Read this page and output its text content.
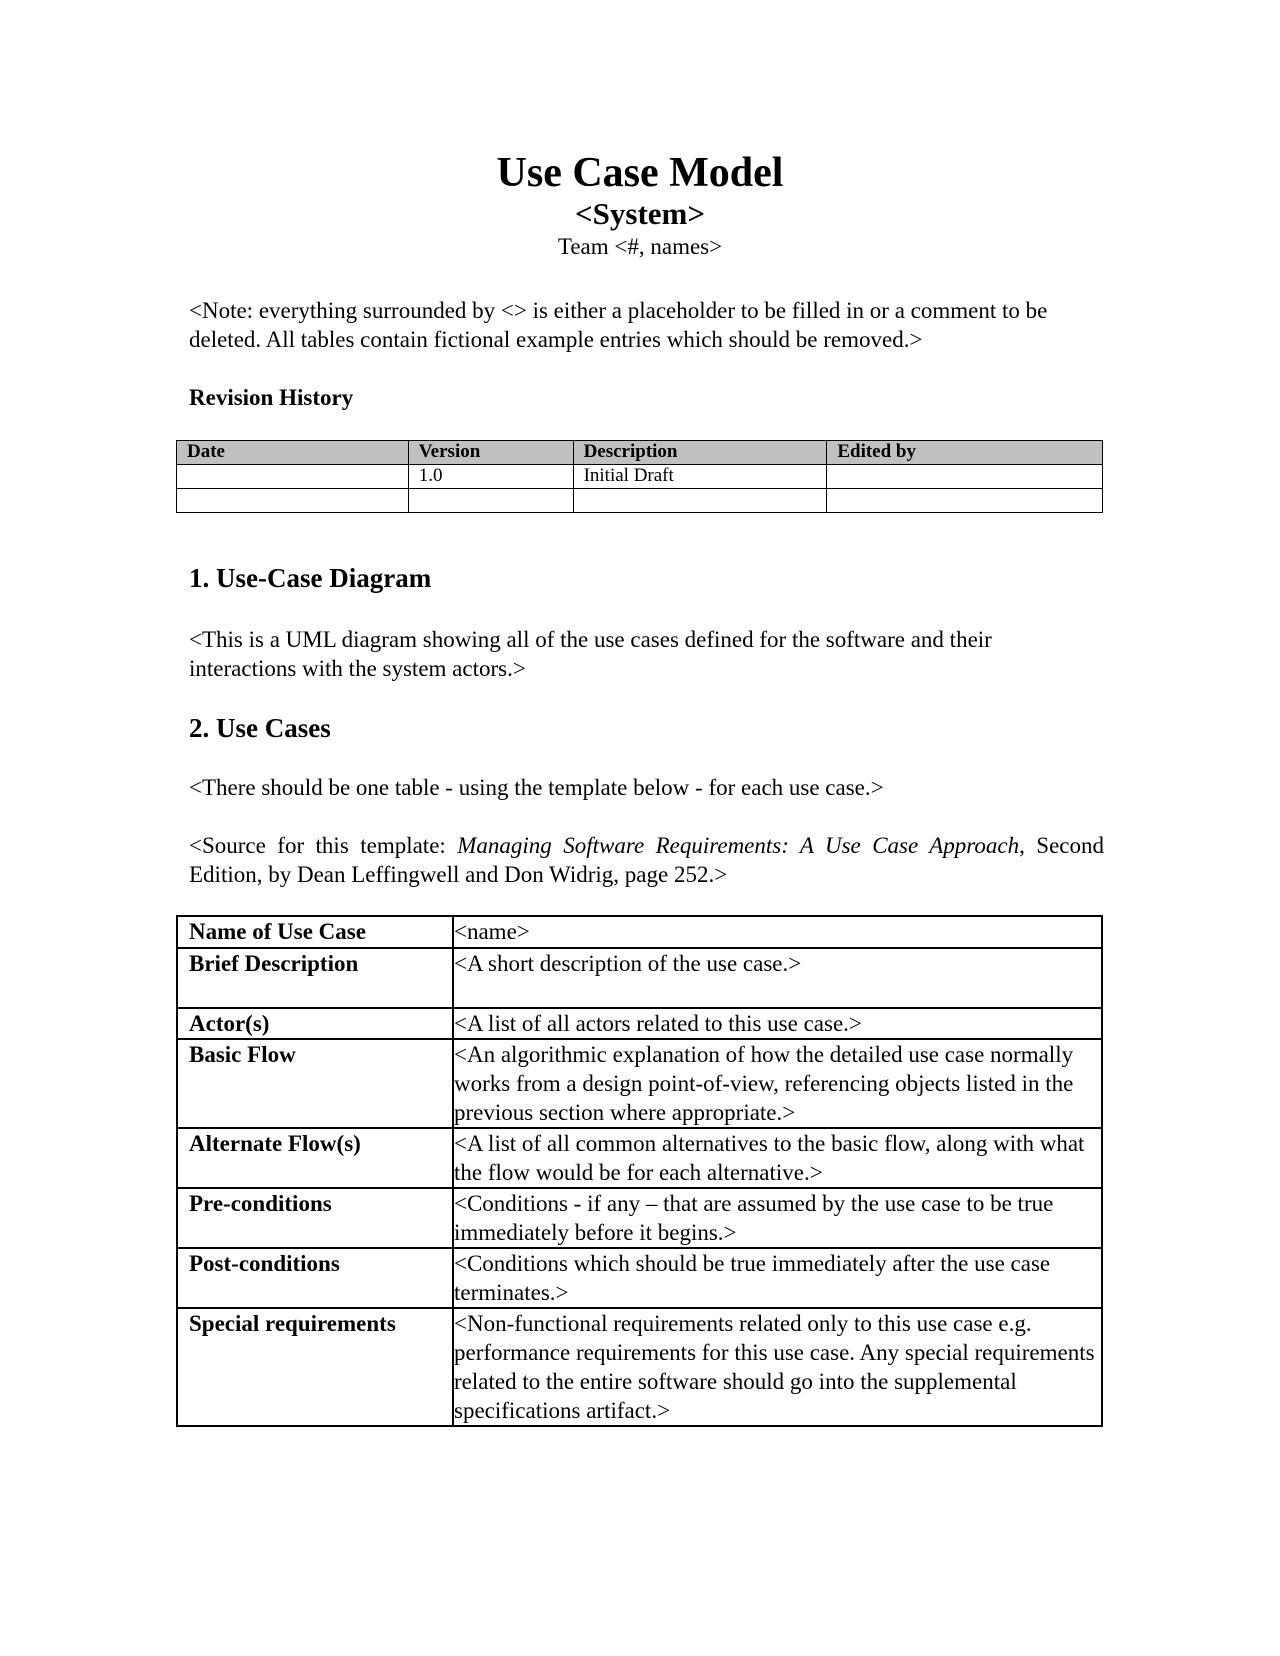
Use Case Model
<System>
Team <#, names>
<Note: everything surrounded by <> is either a placeholder to be filled in or a comment to be deleted. All tables contain fictional example entries which should be removed.>
Revision History
Date	Version	Description	Edited by
	1.0	Initial Draft	

1. Use-Case Diagram
<This is a UML diagram showing all of the use cases defined for the software and their interactions with the system actors.>
2. Use Cases
<There should be one table - using the template below - for each use case.>
<Source for this template: Managing Software Requirements: A Use Case Approach, Second Edition, by Dean Leffingwell and Don Widrig, page 252.>
Name of Use Case	<name>
Brief Description	<A short description of the use case.>
Actor(s)	<A list of all actors related to this use case.>
Basic Flow	<An algorithmic explanation of how the detailed use case normally works from a design point-of-view, referencing objects listed in the previous section where appropriate.>
Alternate Flow(s)	<A list of all common alternatives to the basic flow, along with what the flow would be for each alternative.>
Pre-conditions	<Conditions - if any – that are assumed by the use case to be true immediately before it begins.>
Post-conditions	<Conditions which should be true immediately after the use case terminates.>
Special requirements	<Non-functional requirements related only to this use case e.g. performance requirements for this use case. Any special requirements related to the entire software should go into the supplemental specifications artifact.>
